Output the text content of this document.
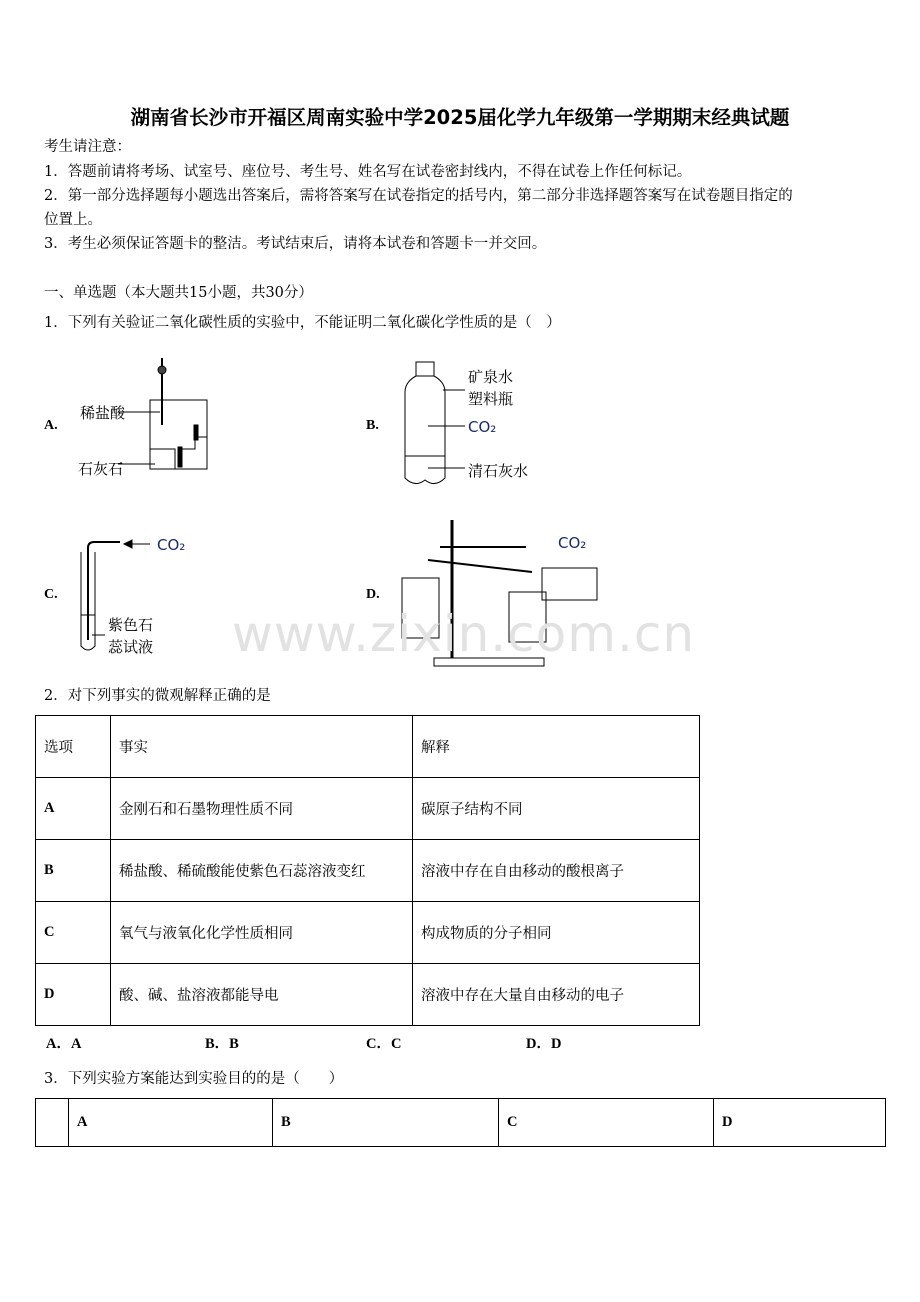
湖南省长沙市开福区周南实验中学2025届化学九年级第一学期期末经典试题
考生请注意：
1．答题前请将考场、试室号、座位号、考生号、姓名写在试卷密封线内，不得在试卷上作任何标记。
2．第一部分选择题每小题选出答案后，需将答案写在试卷指定的括号内，第二部分非选择题答案写在试卷题目指定的
位置上。
3．考生必须保证答题卡的整洁。考试结束后，请将本试卷和答题卡一并交回。
一、单选题（本大题共15小题，共30分）
1．下列有关验证二氧化碳性质的实验中，不能证明二氧化碳化学性质的是（　）
A.	B.
C.	D.
稀盐酸
石灰石
矿泉水
塑料瓶
CO₂
清石灰水
CO₂
紫色石
蕊试液
CO₂
www.zixin.com.cn
2．对下列事实的微观解释正确的是
选项	事实	解释
A	金刚石和石墨物理性质不同	碳原子结构不同
B	稀盐酸、稀硫酸能使紫色石蕊溶液变红	溶液中存在自由移动的酸根离子
C	氧气与液氧化化学性质相同	构成物质的分子相同
D	酸、碱、盐溶液都能导电	溶液中存在大量自由移动的电子
A．A	B．B	C．C	D．D
3．下列实验方案能达到实验目的的是（　　）
	A	B	C	D
